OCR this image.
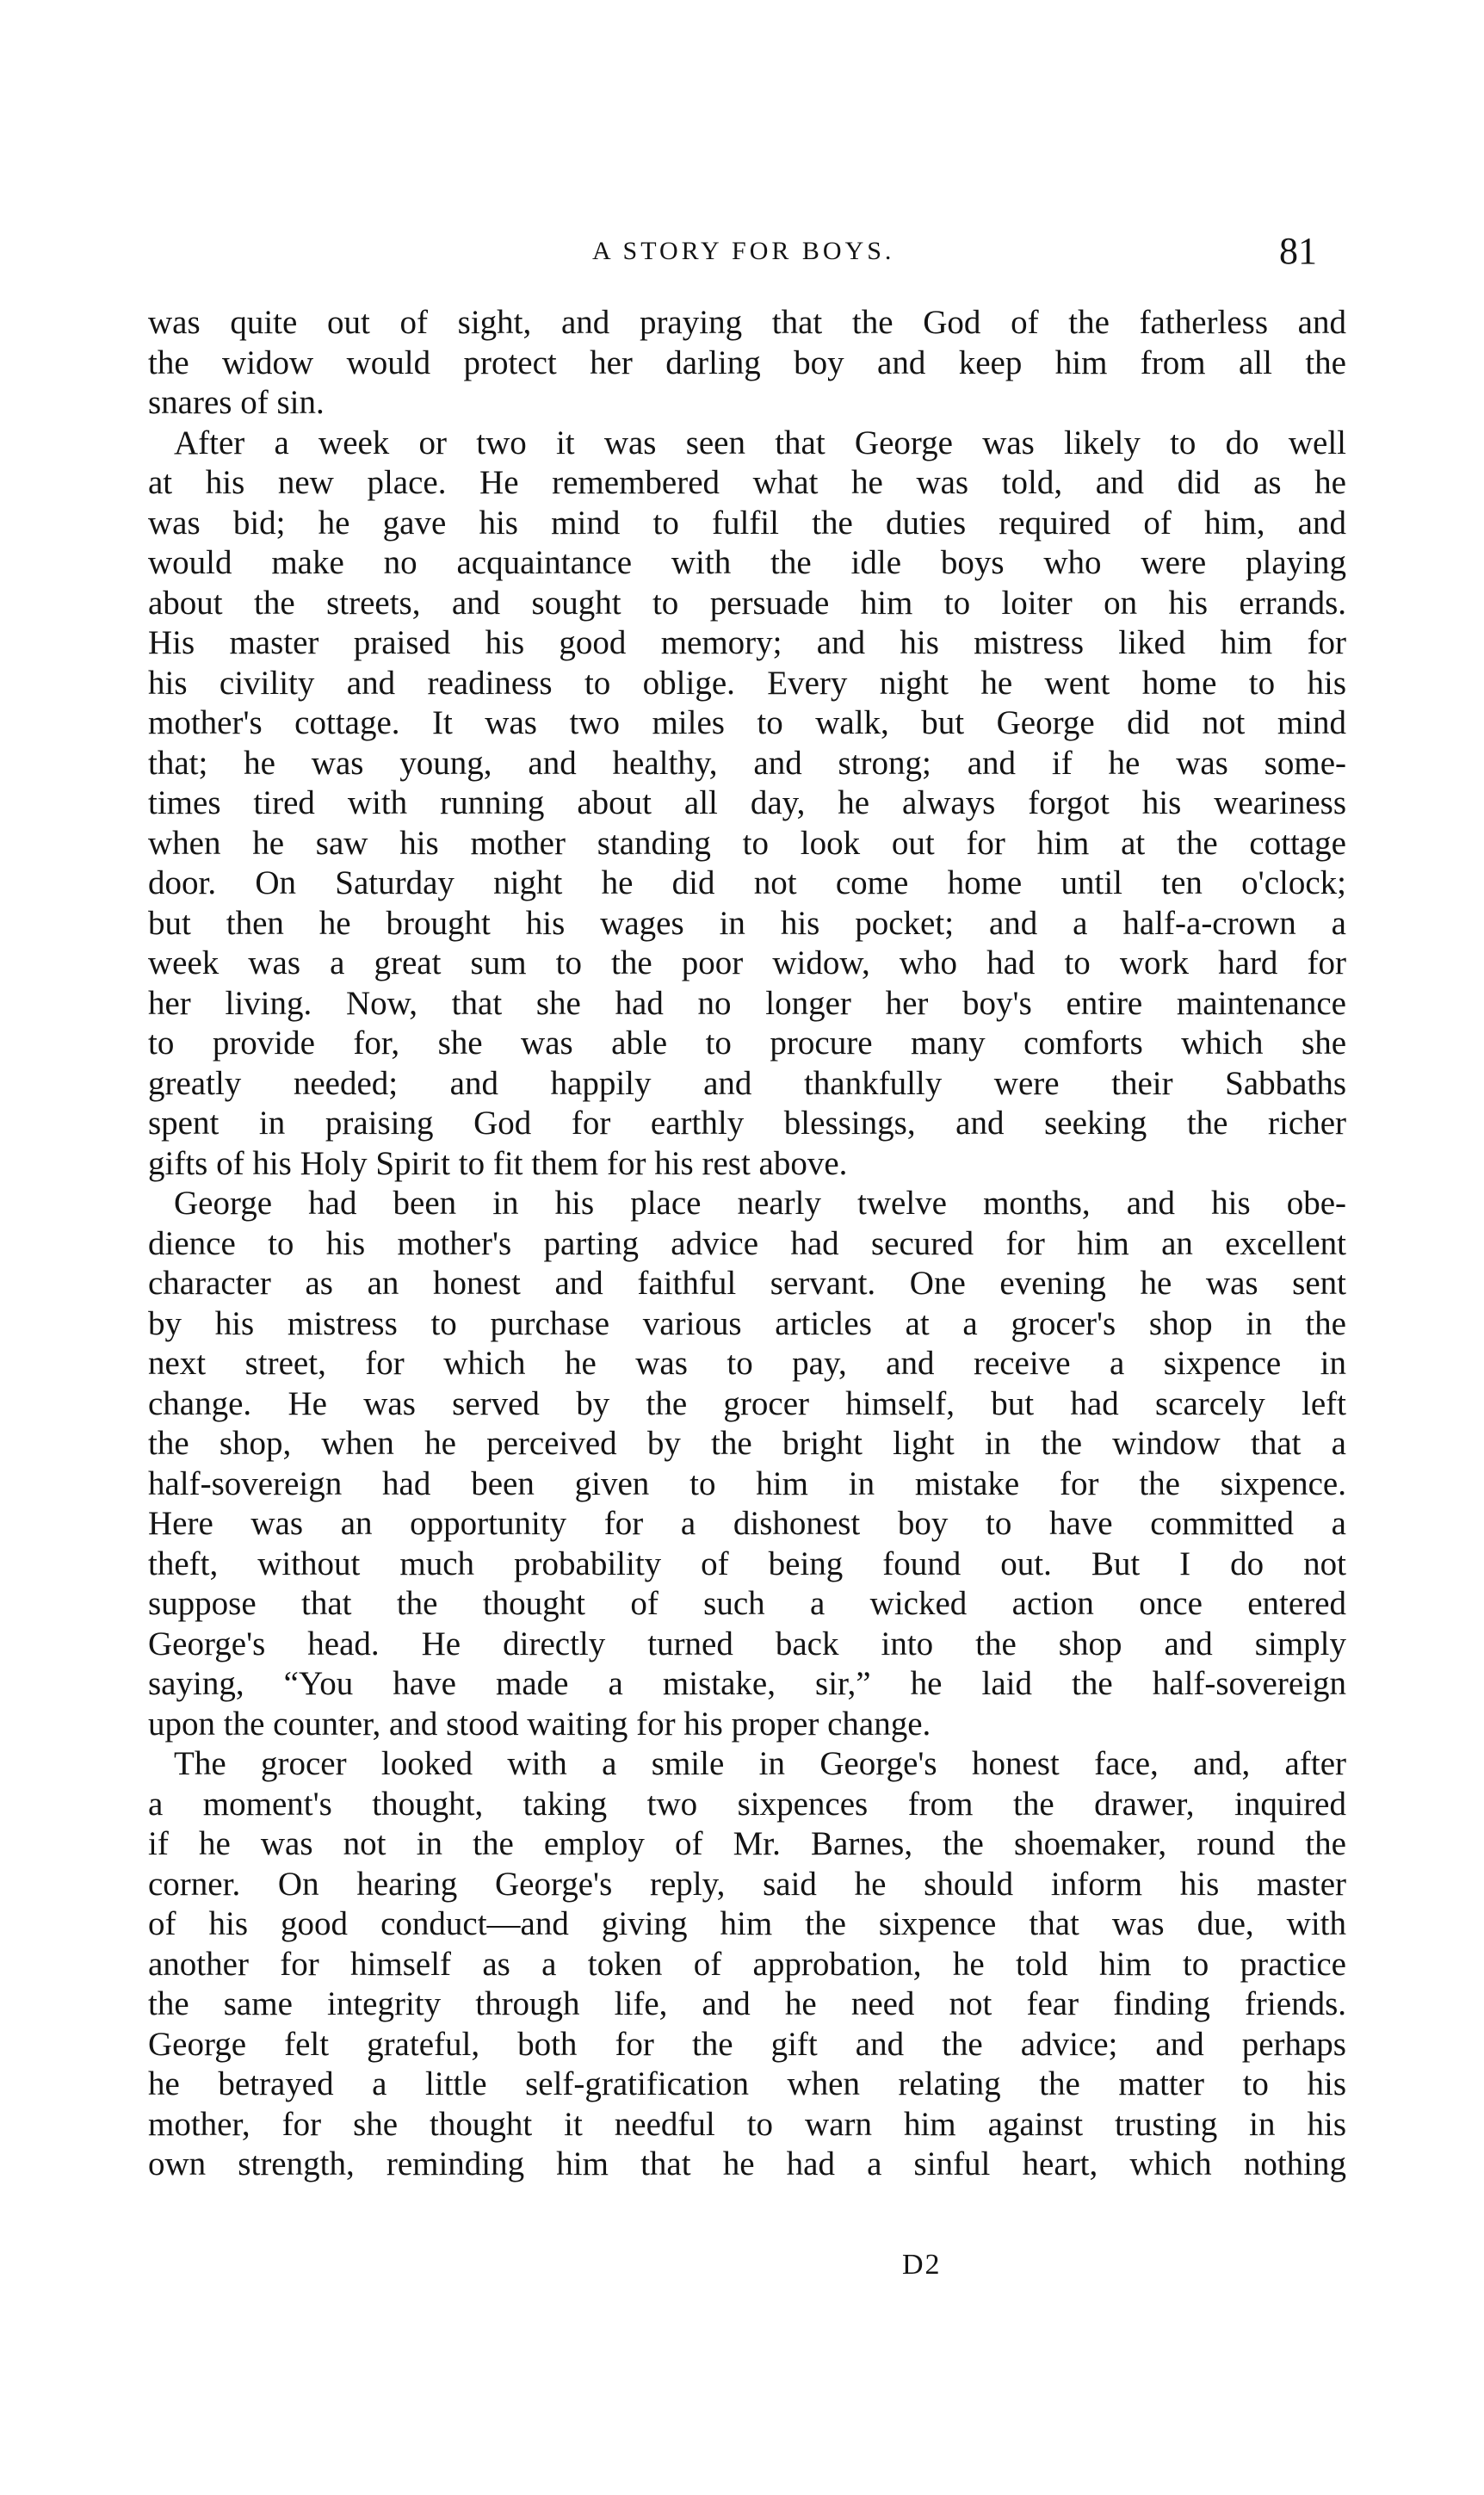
A STORY FOR BOYS.	81
was quite out of sight, and praying that the God of the fatherless and
the widow would protect her darling boy and keep him from all the
snares of sin.
After a week or two it was seen that George was likely to do well
at his new place. He remembered what he was told, and did as he
was bid; he gave his mind to fulfil the duties required of him, and
would make no acquaintance with the idle boys who were playing
about the streets, and sought to persuade him to loiter on his errands.
His master praised his good memory; and his mistress liked him for
his civility and readiness to oblige. Every night he went home to his
mother's cottage. It was two miles to walk, but George did not mind
that; he was young, and healthy, and strong; and if he was some-
times tired with running about all day, he always forgot his weariness
when he saw his mother standing to look out for him at the cottage
door. On Saturday night he did not come home until ten o'clock;
but then he brought his wages in his pocket; and a half-a-crown a
week was a great sum to the poor widow, who had to work hard for
her living. Now, that she had no longer her boy's entire maintenance
to provide for, she was able to procure many comforts which she
greatly needed; and happily and thankfully were their Sabbaths
spent in praising God for earthly blessings, and seeking the richer
gifts of his Holy Spirit to fit them for his rest above.
George had been in his place nearly twelve months, and his obe-
dience to his mother's parting advice had secured for him an excellent
character as an honest and faithful servant. One evening he was sent
by his mistress to purchase various articles at a grocer's shop in the
next street, for which he was to pay, and receive a sixpence in
change. He was served by the grocer himself, but had scarcely left
the shop, when he perceived by the bright light in the window that a
half-sovereign had been given to him in mistake for the sixpence.
Here was an opportunity for a dishonest boy to have committed a
theft, without much probability of being found out. But I do not
suppose that the thought of such a wicked action once entered
George's head. He directly turned back into the shop and simply
saying, “You have made a mistake, sir,” he laid the half-sovereign
upon the counter, and stood waiting for his proper change.
The grocer looked with a smile in George's honest face, and, after
a moment's thought, taking two sixpences from the drawer, inquired
if he was not in the employ of Mr. Barnes, the shoemaker, round the
corner. On hearing George's reply, said he should inform his master
of his good conduct—and giving him the sixpence that was due, with
another for himself as a token of approbation, he told him to practice
the same integrity through life, and he need not fear finding friends.
George felt grateful, both for the gift and the advice; and perhaps
he betrayed a little self-gratification when relating the matter to his
mother, for she thought it needful to warn him against trusting in his
own strength, reminding him that he had a sinful heart, which nothing
D2
